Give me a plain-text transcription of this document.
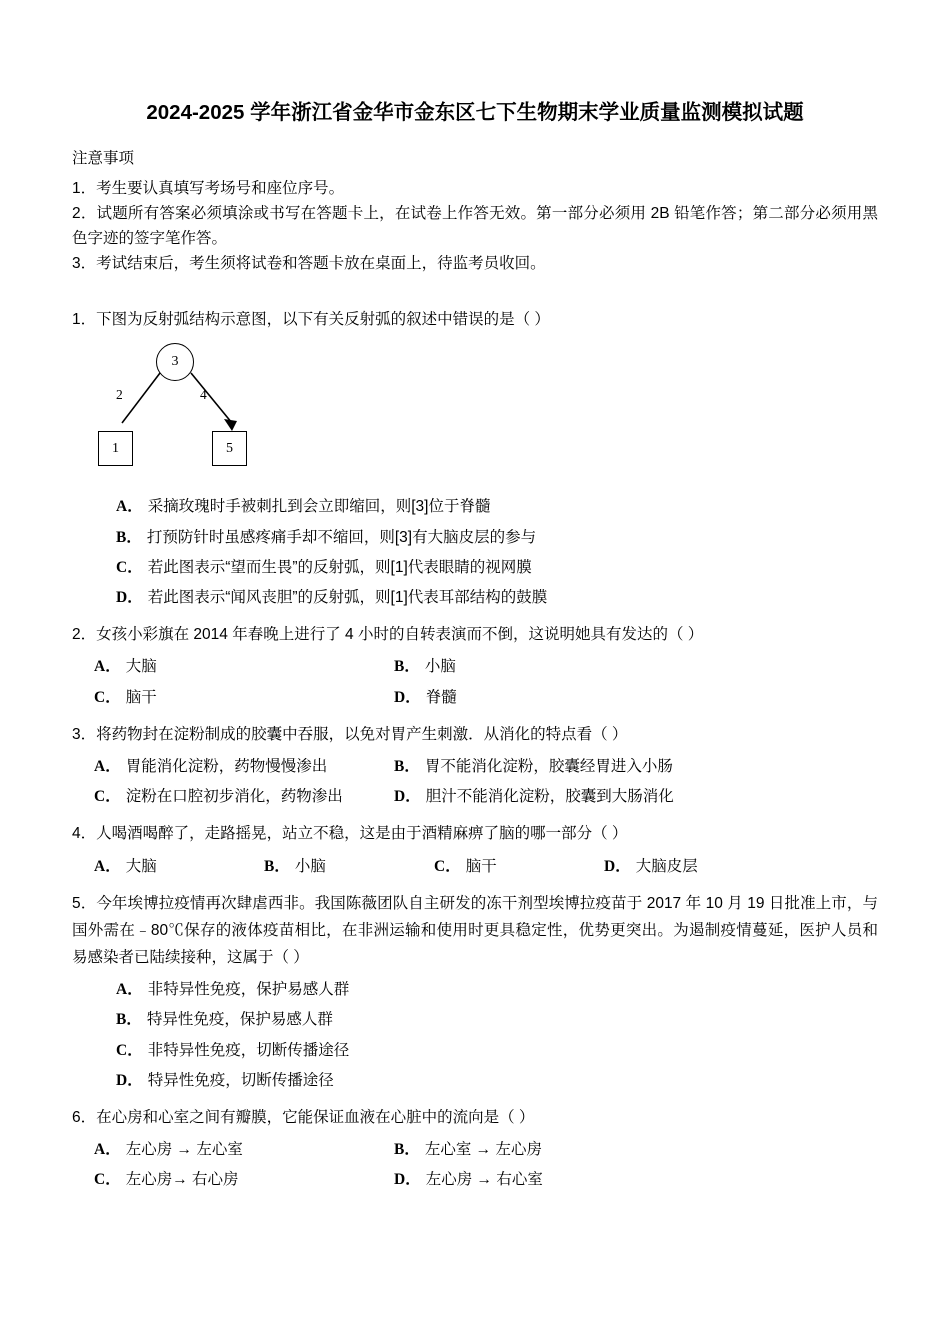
2024-2025 学年浙江省金华市金东区七下生物期末学业质量监测模拟试题
注意事项
1．考生要认真填写考场号和座位序号。
2．试题所有答案必须填涂或书写在答题卡上，在试卷上作答无效。第一部分必须用 2B 铅笔作答；第二部分必须用黑色字迹的签字笔作答。
3．考试结束后，考生须将试卷和答题卡放在桌面上，待监考员收回。
1．下图为反射弧结构示意图，以下有关反射弧的叙述中错误的是（ ）
3
1	5
2	4
A． 采摘玫瑰时手被刺扎到会立即缩回，则[3]位于脊髓
B． 打预防针时虽感疼痛手却不缩回，则[3]有大脑皮层的参与
C． 若此图表示“望而生畏”的反射弧，则[1]代表眼睛的视网膜
D． 若此图表示“闻风丧胆”的反射弧，则[1]代表耳部结构的鼓膜
2．女孩小彩旗在 2014 年春晚上进行了 4 小时的自转表演而不倒，这说明她具有发达的（ ）
A． 大脑	B． 小脑
C． 脑干	D． 脊髓
3．将药物封在淀粉制成的胶囊中吞服，以免对胃产生刺激．从消化的特点看（ ）
A． 胃能消化淀粉，药物慢慢渗出	B． 胃不能消化淀粉，胶囊经胃进入小肠
C． 淀粉在口腔初步消化，药物渗出	D． 胆汁不能消化淀粉，胶囊到大肠消化
4．人喝酒喝醉了，走路摇晃，站立不稳，这是由于酒精麻痹了脑的哪一部分（ ）
A． 大脑	B． 小脑	C． 脑干	D． 大脑皮层
5．今年埃博拉疫情再次肆虐西非。我国陈薇团队自主研发的冻干剂型埃博拉疫苗于 2017 年 10 月 19 日批准上市，与国外需在﹣80℃保存的液体疫苗相比，在非洲运输和使用时更具稳定性，优势更突出。为遏制疫情蔓延，医护人员和易感染者已陆续接种，这属于（ ）
A． 非特异性免疫，保护易感人群
B． 特异性免疫，保护易感人群
C． 非特异性免疫，切断传播途径
D． 特异性免疫，切断传播途径
6．在心房和心室之间有瓣膜，它能保证血液在心脏中的流向是（ ）
A． 左心房 → 左心室	B． 左心室 → 左心房
C． 左心房→ 右心房	D． 左心房 → 右心室
